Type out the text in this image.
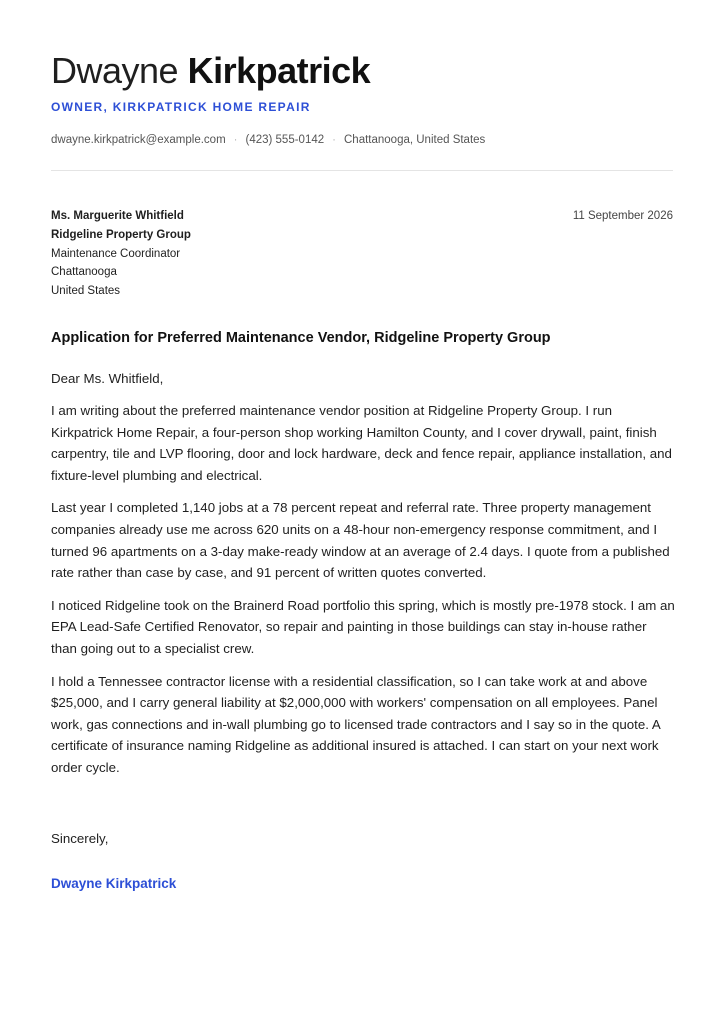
Dwayne Kirkpatrick
OWNER, KIRKPATRICK HOME REPAIR
dwayne.kirkpatrick@example.com · (423) 555-0142 · Chattanooga, United States
Ms. Marguerite Whitfield
Ridgeline Property Group
Maintenance Coordinator
Chattanooga
United States
11 September 2026
Application for Preferred Maintenance Vendor, Ridgeline Property Group
Dear Ms. Whitfield,

I am writing about the preferred maintenance vendor position at Ridgeline Property Group. I run Kirkpatrick Home Repair, a four-person shop working Hamilton County, and I cover drywall, paint, finish carpentry, tile and LVP flooring, door and lock hardware, deck and fence repair, appliance installation, and fixture-level plumbing and electrical.

Last year I completed 1,140 jobs at a 78 percent repeat and referral rate. Three property management companies already use me across 620 units on a 48-hour non-emergency response commitment, and I turned 96 apartments on a 3-day make-ready window at an average of 2.4 days. I quote from a published rate rather than case by case, and 91 percent of written quotes converted.

I noticed Ridgeline took on the Brainerd Road portfolio this spring, which is mostly pre-1978 stock. I am an EPA Lead-Safe Certified Renovator, so repair and painting in those buildings can stay in-house rather than going out to a specialist crew.

I hold a Tennessee contractor license with a residential classification, so I can take work at and above $25,000, and I carry general liability at $2,000,000 with workers' compensation on all employees. Panel work, gas connections and in-wall plumbing go to licensed trade contractors and I say so in the quote. A certificate of insurance naming Ridgeline as additional insured is attached. I can start on your next work order cycle.

Sincerely,
Dwayne Kirkpatrick
